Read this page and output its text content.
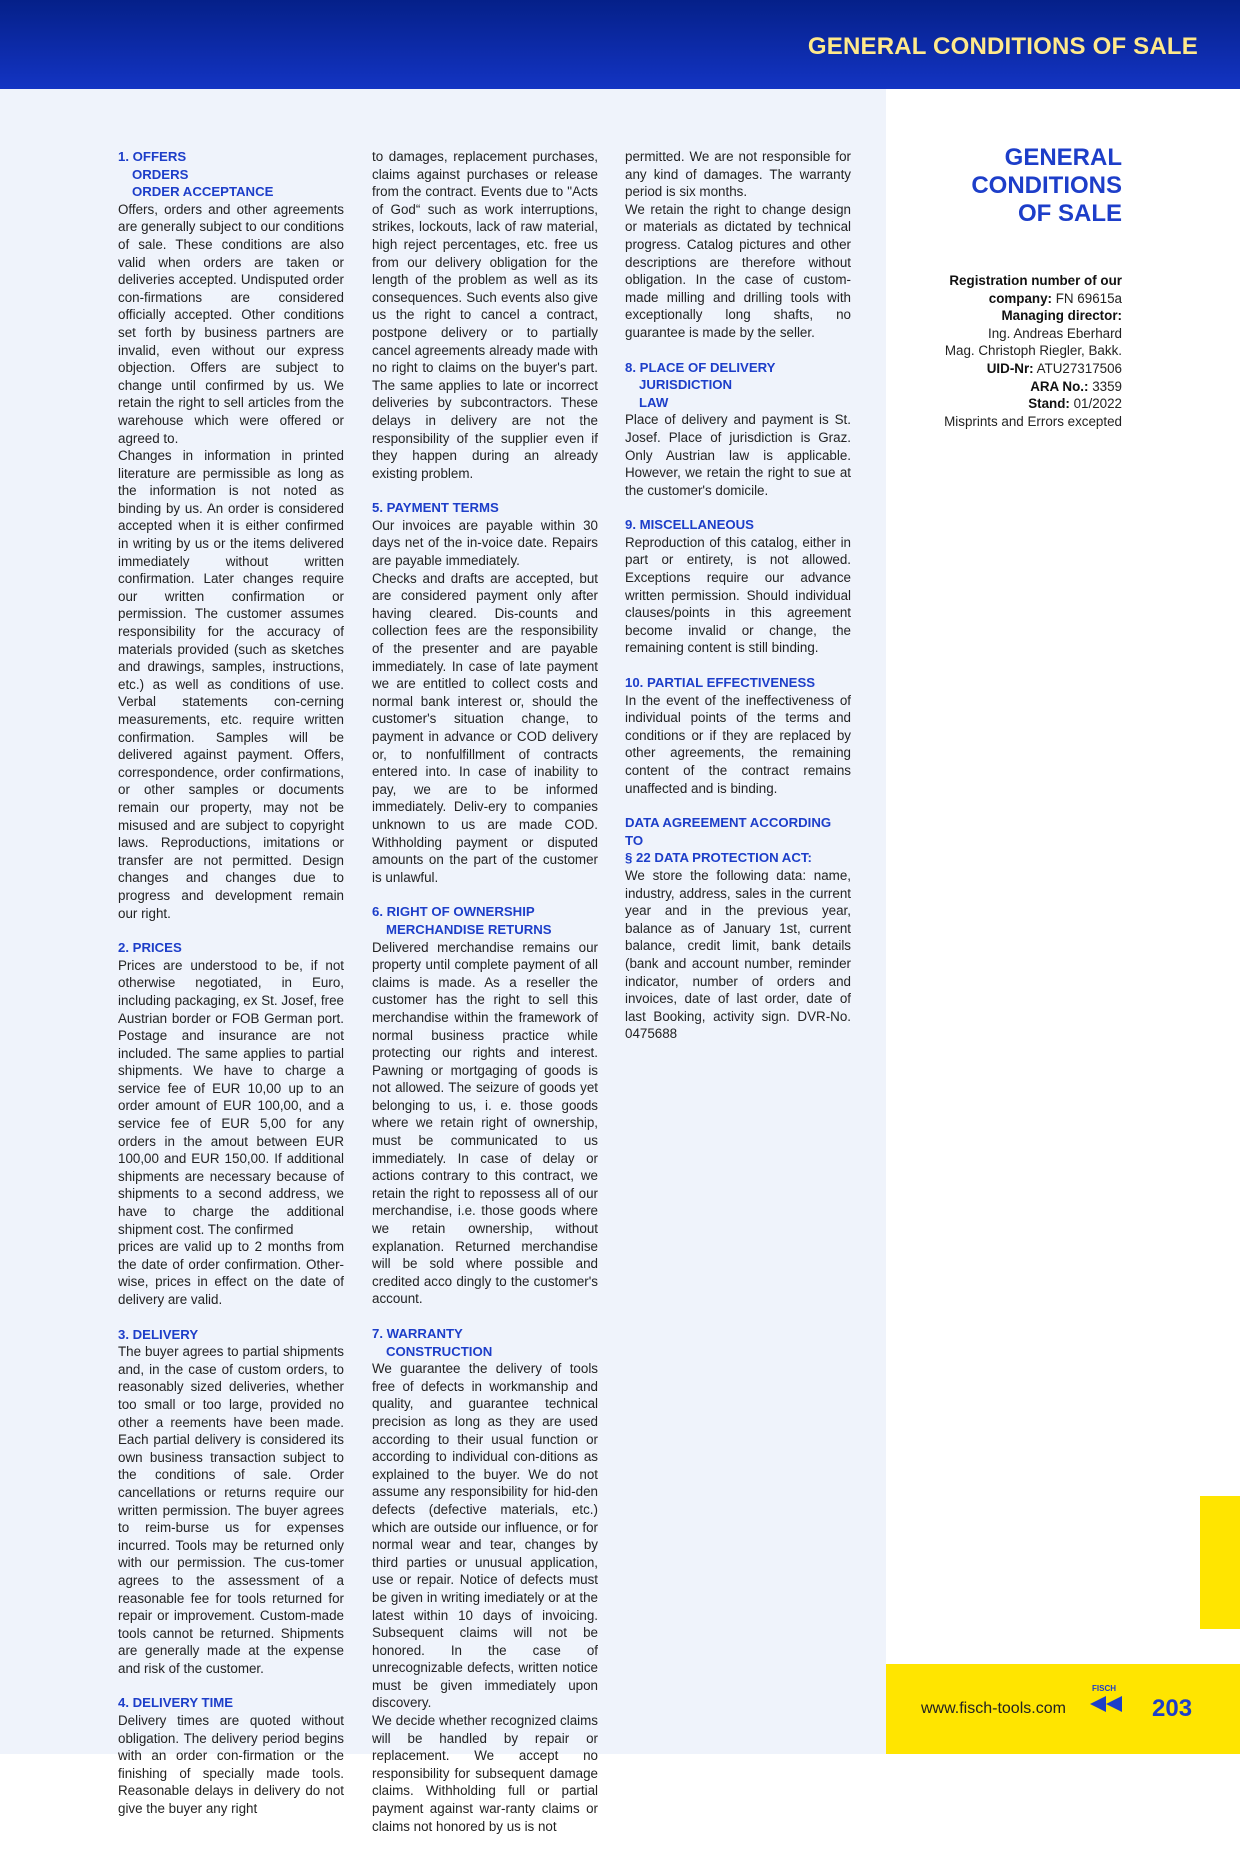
GENERAL CONDITIONS OF SALE
1. OFFERS
ORDERS
ORDER ACCEPTANCE

Offers, orders and other agreements are generally subject to our conditions of sale. These conditions are also valid when orders are taken or deliveries accepted. Undisputed order con-firmations are considered officially accepted. Other conditions set forth by business partners are invalid, even without our express objection. Offers are subject to change until confirmed by us. We retain the right to sell articles from the warehouse which were offered or agreed to.

Changes in information in printed literature are permissible as long as the information is not noted as binding by us. An order is considered accepted when it is either confirmed in writing by us or the items delivered immediately without written confirmation. Later changes require our written confirmation or permission. The customer assumes responsibility for the accuracy of materials provided (such as sketches and drawings, samples, instructions, etc.) as well as conditions of use. Verbal statements con-cerning measurements, etc. require written confirmation. Samples will be delivered against payment. Offers, correspondence, order confirmations, or other samples or documents remain our property, may not be misused and are subject to copyright laws. Reproductions, imitations or transfer are not permitted. Design changes and changes due to progress and development remain our right.

2. PRICES

Prices are understood to be, if not otherwise negotiated, in Euro, including packaging, ex St. Josef, free Austrian border or FOB German port. Postage and insurance are not included. The same applies to partial shipments. We have to charge a service fee of EUR 10,00 up to an order amount of EUR 100,00, and a service fee of EUR 5,00 for any orders in the amout between EUR 100,00 and EUR 150,00. If additional shipments are necessary because of shipments to a second address, we have to charge the additional shipment cost. The confirmed

prices are valid up to 2 months from the date of order confirmation. Other-wise, prices in effect on the date of delivery are valid.

3. DELIVERY

The buyer agrees to partial shipments and, in the case of custom orders, to reasonably sized deliveries, whether too small or too large, provided no other a reements have been made. Each partial delivery is considered its own business transaction subject to the conditions of sale. Order cancellations or returns require our written permission. The buyer agrees to reim-burse us for expenses incurred. Tools may be returned only with our permission. The cus-tomer agrees to the assessment of a reasonable fee for tools returned for repair or improvement. Custom-made tools cannot be returned. Shipments are generally made at the expense and risk of the customer.

4. DELIVERY TIME

Delivery times are quoted without obligation. The delivery period begins with an order con-firmation or the finishing of specially made tools. Reasonable delays in delivery do not give the buyer any right

to damages, replacement purchases, claims against purchases or release from the contract. Events due to "Acts of God“ such as work interruptions, strikes, lockouts, lack of raw material, high reject percentages, etc. free us from our delivery obligation for the length of the problem as well as its consequences. Such events also give us the right to cancel a contract, postpone delivery or to partially cancel agreements already made with no right to claims on the buyer's part. The same applies to late or incorrect deliveries by subcontractors. These delays in delivery are not the responsibility of the supplier even if they happen during an already existing problem.

5. PAYMENT TERMS

Our invoices are payable within 30 days net of the in-voice date. Repairs are payable immediately.

Checks and drafts are accepted, but are considered payment only after having cleared. Dis-counts and collection fees are the responsibility of the presenter and are payable immediately. In case of late payment we are entitled to collect costs and normal bank interest or, should the customer's situation change, to payment in advance or COD delivery or, to nonfulfillment of contracts entered into. In case of inability to pay, we are to be informed immediately. Deliv-ery to companies unknown to us are made COD. Withholding payment or disputed amounts on the part of the customer is unlawful.

6. RIGHT OF OWNERSHIP
MERCHANDISE RETURNS

Delivered merchandise remains our property until complete payment of all claims is made. As a reseller the customer has the right to sell this merchandise within the framework of normal business practice while protecting our rights and interest. Pawning or mortgaging of goods is not allowed. The seizure of goods yet belonging to us, i. e. those goods where we retain right of ownership, must be communicated to us immediately. In case of delay or actions contrary to this contract, we retain the right to repossess all of our merchandise, i.e. those goods where we retain ownership, without explanation. Returned merchandise will be sold where possible and credited acco dingly to the customer's account.

7. WARRANTY
CONSTRUCTION

We guarantee the delivery of tools free of defects in workmanship and quality, and guarantee technical precision as long as they are used according to their usual function or according to individual con-ditions as explained to the buyer. We do not assume any responsibility for hid-den defects (defective materials, etc.) which are outside our influence, or for normal wear and tear, changes by third parties or unusual application, use or repair. Notice of defects must be given in writing imediately or at the latest within 10 days of invoicing. Subsequent claims will not be honored. In the case of unrecognizable defects, written notice must be given immediately upon discovery.

We decide whether recognized claims will be handled by repair or replacement. We accept no responsibility for subsequent damage claims. Withholding full or partial payment against war-ranty claims or claims not honored by us is not

permitted. We are not responsible for any kind of damages. The warranty period is six months.

We retain the right to change design or materials as dictated by technical progress. Catalog pictures and other descriptions are therefore without obligation. In the case of custom-made milling and drilling tools with exceptionally long shafts, no guarantee is made by the seller.

8. PLACE OF DELIVERY
JURISDICTION
LAW

Place of delivery and payment is St. Josef. Place of jurisdiction is Graz. Only Austrian law is applicable. However, we retain the right to sue at the customer's domicile.

9. MISCELLANEOUS

Reproduction of this catalog, either in part or entirety, is not allowed. Exceptions require our advance written permission. Should individual clauses/points in this agreement become invalid or change, the remaining content is still binding.

10. PARTIAL EFFECTIVENESS

In the event of the ineffectiveness of individual points of the terms and conditions or if they are replaced by other agreements, the remaining content of the contract remains unaffected and is binding.

DATA AGREEMENT ACCORDING TO
§ 22 DATA PROTECTION ACT:

We store the following data: name, industry, address, sales in the current year and in the previous year, balance as of January 1st, current balance, credit limit, bank details (bank and account number, reminder indicator, number of orders and invoices, date of last order, date of last Booking, activity sign. DVR-No. 0475688

GENERAL
CONDITIONS
OF SALE
Registration number of our company: FN 69615a
Managing director:
Ing. Andreas Eberhard
Mag. Christoph Riegler, Bakk.
UID-Nr: ATU27317506
ARA No.: 3359
Stand: 01/2022
Misprints and Errors excepted
www.fisch-tools.com
FISCH
203
